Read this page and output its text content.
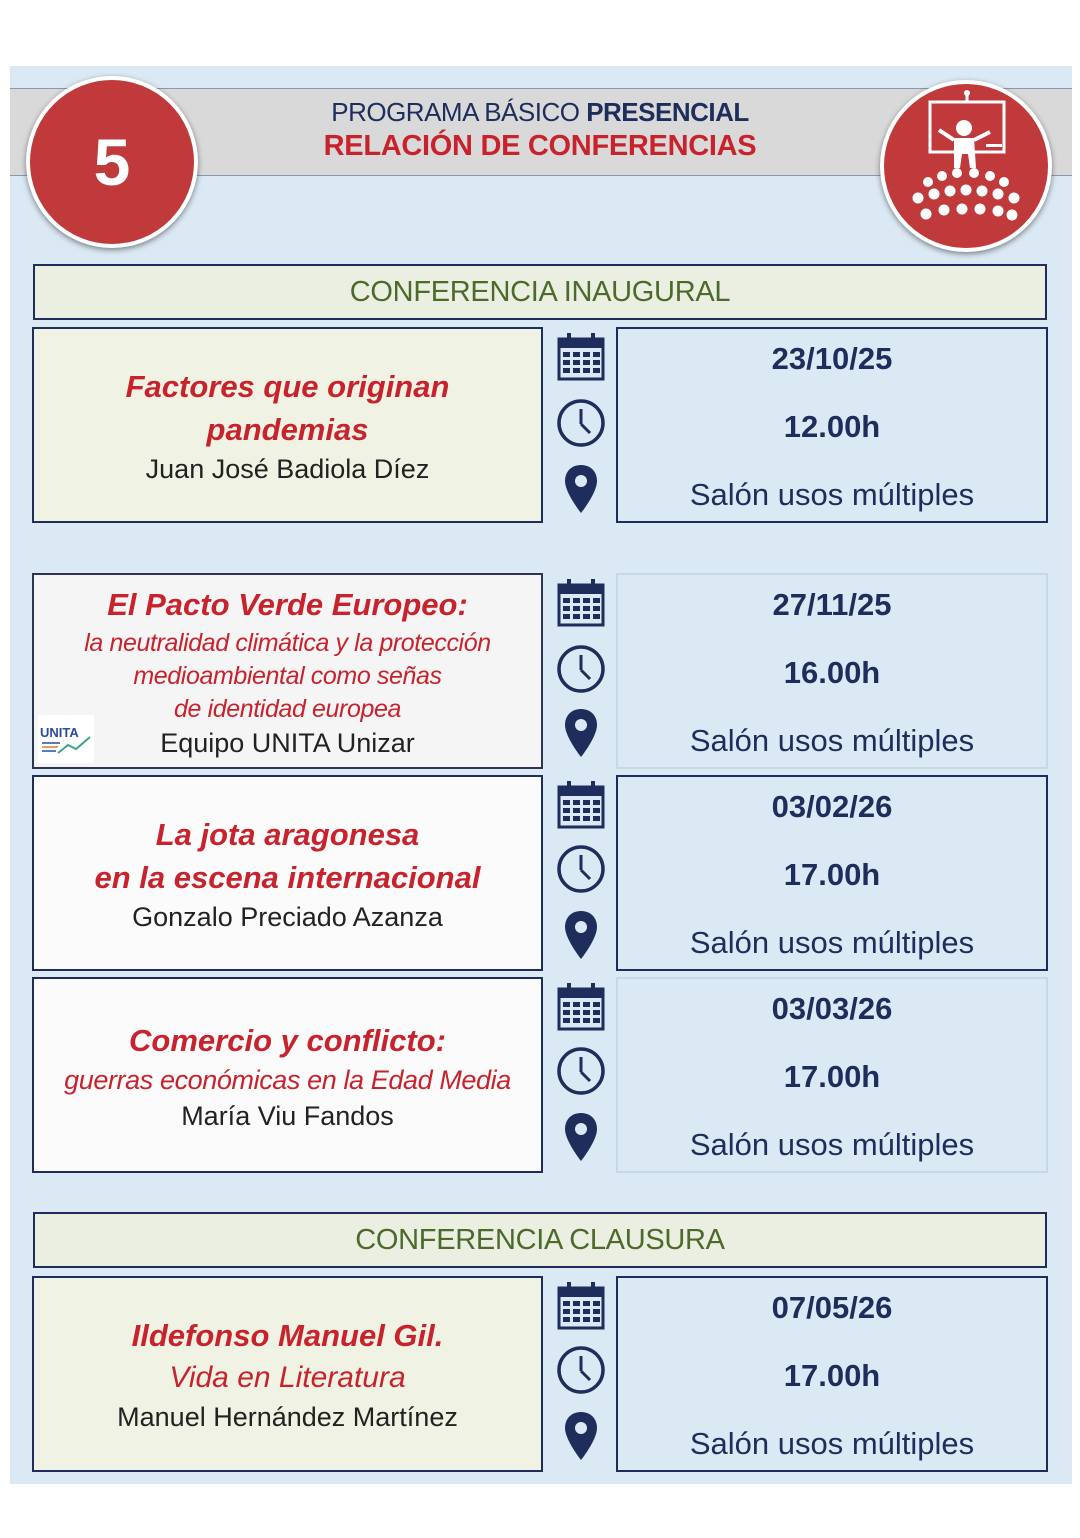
PROGRAMA BÁSICO PRESENCIAL
RELACIÓN DE CONFERENCIAS
5
CONFERENCIA INAUGURAL
Factores que originan pandemias
Juan José Badiola Díez
23/10/25
12.00h
Salón usos múltiples
El Pacto Verde Europeo:
la neutralidad climática y la protección
medioambiental como señas
de identidad europea
Equipo UNITA Unizar
UNITA
27/11/25
16.00h
Salón usos múltiples
La jota aragonesa
en la escena internacional
Gonzalo Preciado Azanza
03/02/26
17.00h
Salón usos múltiples
Comercio y conflicto:
guerras económicas en la Edad Media
María Viu Fandos
03/03/26
17.00h
Salón usos múltiples
CONFERENCIA CLAUSURA
Ildefonso Manuel Gil.
Vida en Literatura
Manuel Hernández Martínez
07/05/26
17.00h
Salón usos múltiples
